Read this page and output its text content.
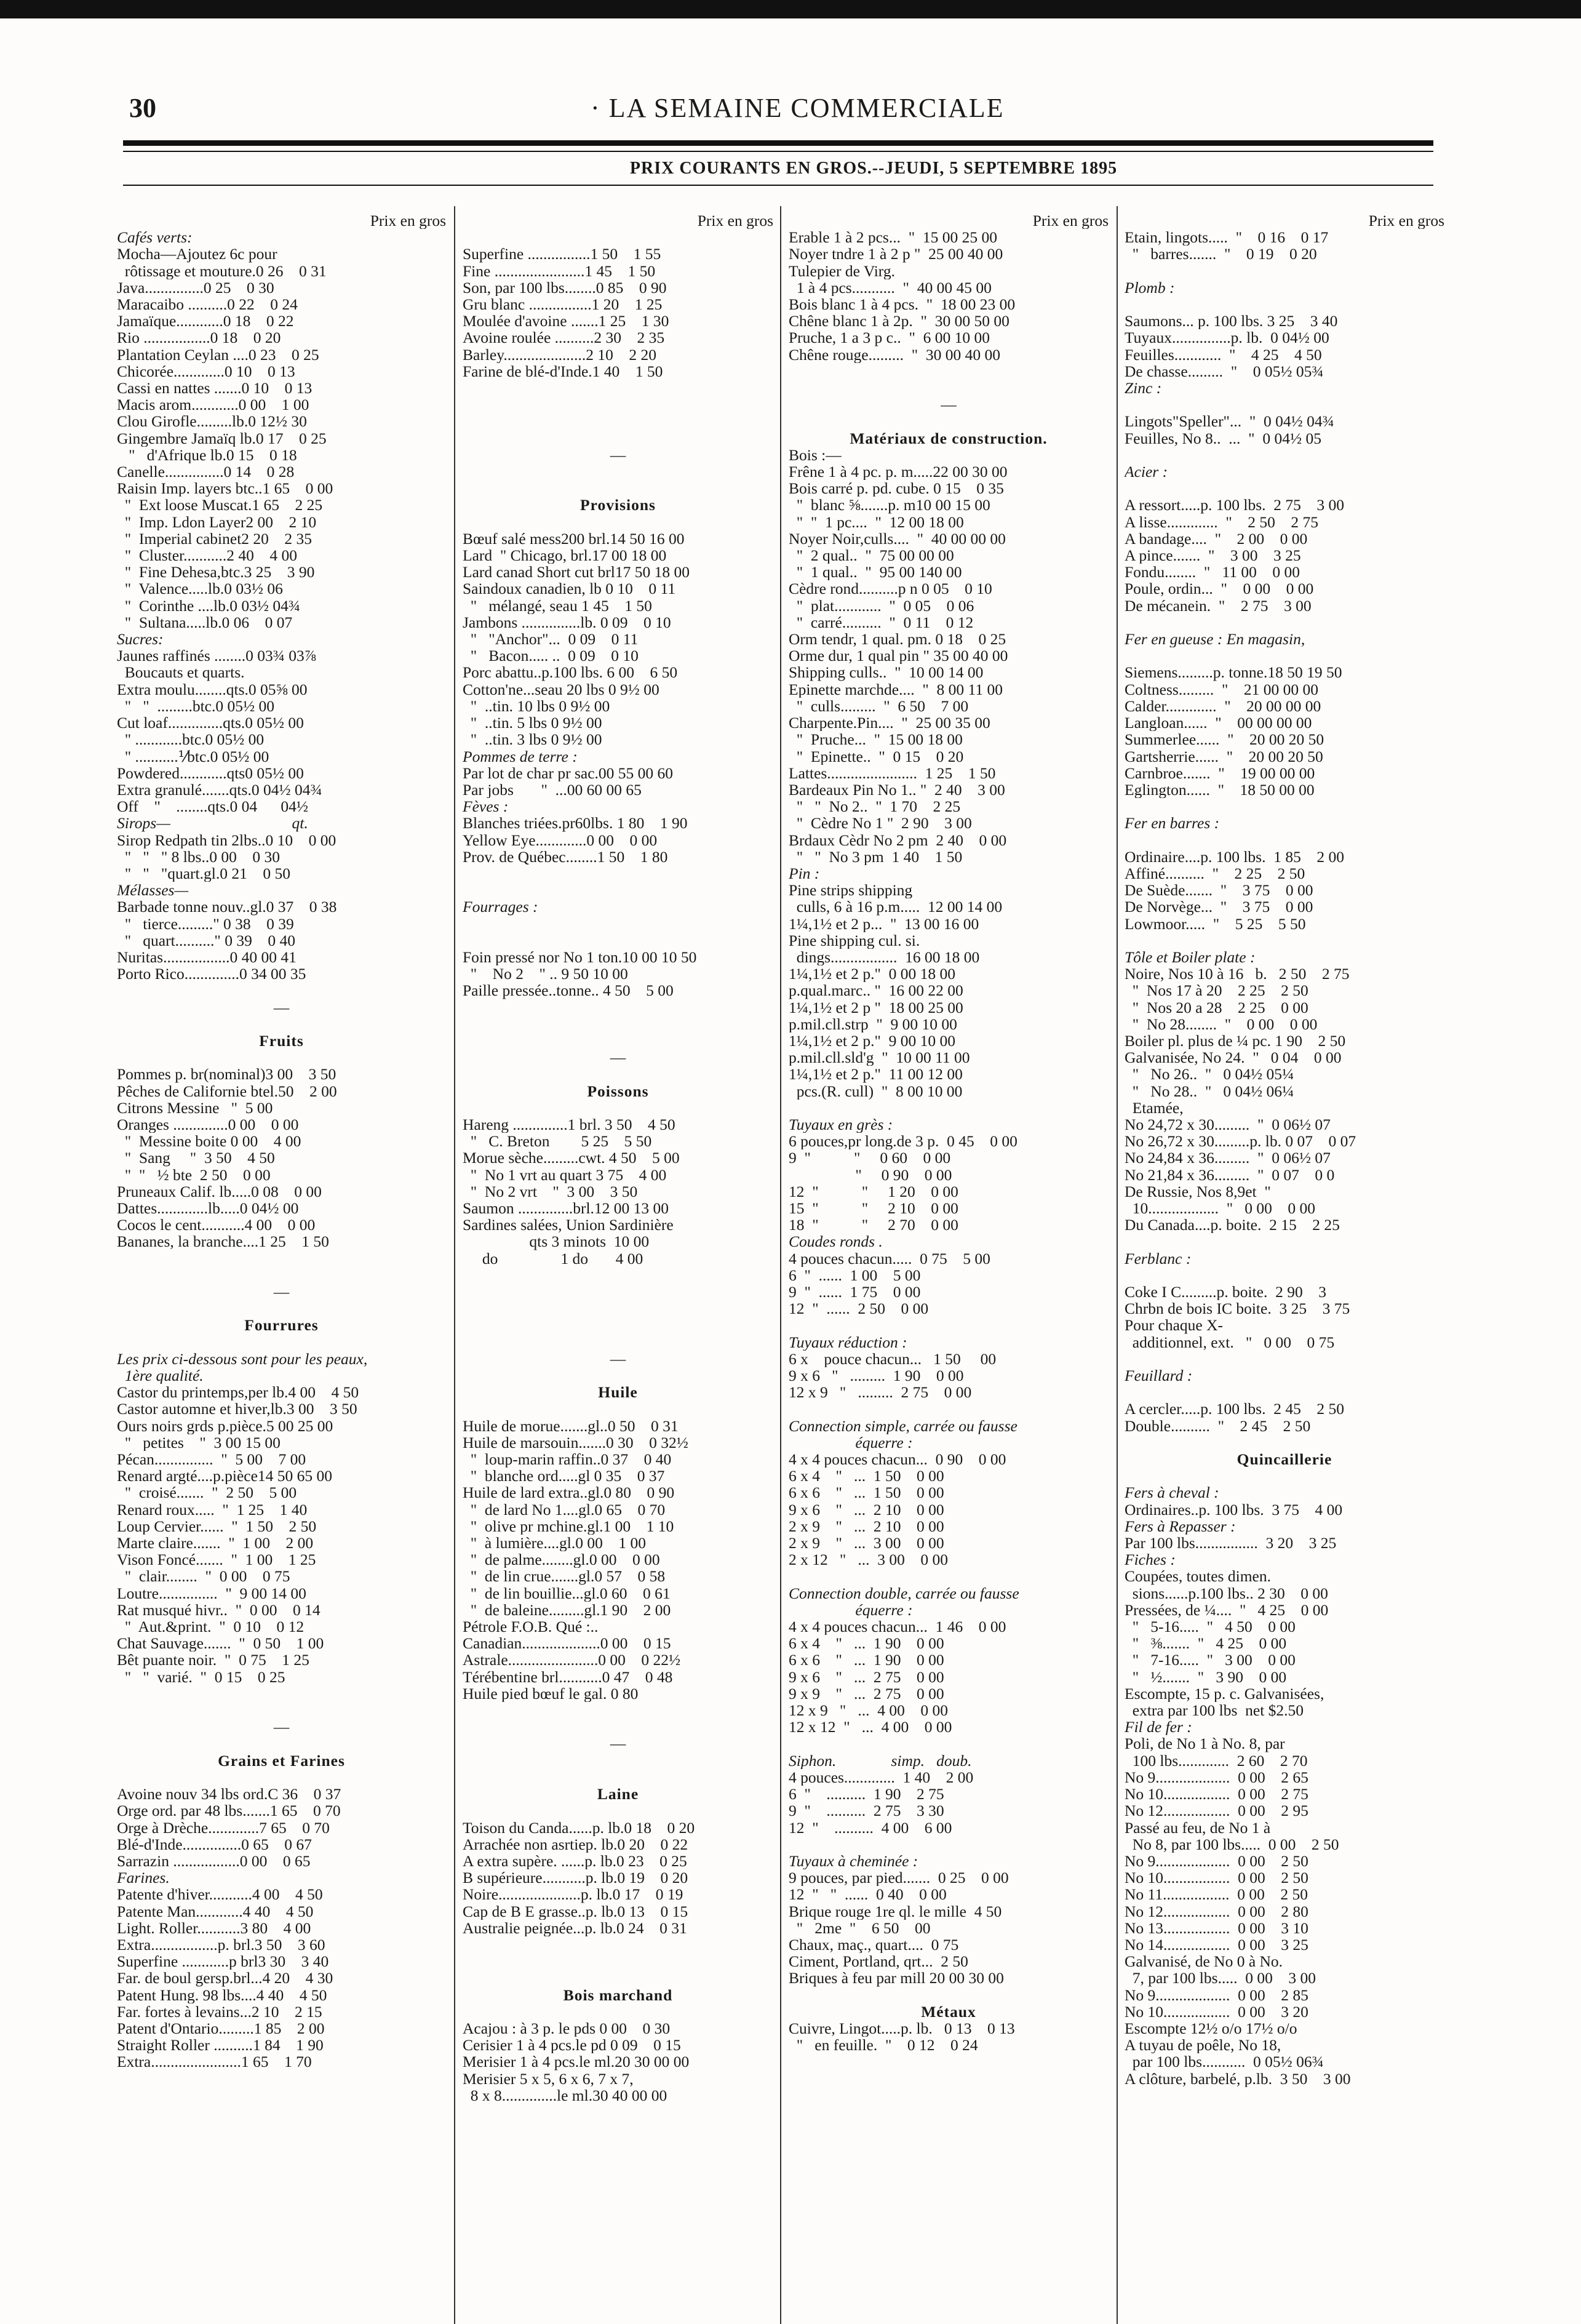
30	· LA SEMAINE COMMERCIALE
PRIX COURANTS EN GROS.--JEUDI, 5 SEPTEMBRE 1895
Prix en gros
Cafés verts:
Mocha—Ajoutez 6c pour
rôtissage et mouture.0 26    0 31
Java...............0 25    0 30
Maracaibo ..........0 22    0 24
Jamaïque............0 18    0 22
Rio .................0 18    0 20
Plantation Ceylan ....0 23    0 25
Chicorée.............0 10    0 13
Cassi en nattes .......0 10    0 13
Macis arom............0 00    1 00
Clou Girofle.........lb.0 12½ 30
Gingembre Jamaïq lb.0 17    0 25
"   d'Afrique lb.0 15    0 18
Canelle...............0 14    0 28
Raisin Imp. layers btc..1 65    0 00
"  Ext loose Muscat.1 65    2 25
"  Imp. Ldon Layer2 00    2 10
"  Imperial cabinet2 20    2 35
"  Cluster...........2 40    4 00
"  Fine Dehesa,btc.3 25    3 90
"  Valence.....lb.0 03½ 06
"  Corinthe ....lb.0 03½ 04¾
"  Sultana.....lb.0 06    0 07
Sucres:
Jaunes raffinés ........0 03¾ 03⅞
Boucauts et quarts.
Extra moulu........qts.0 05⅝ 00
"   "  .........btc.0 05½ 00
Cut loaf..............qts.0 05½ 00
" ............btc.0 05½ 00
" ...........⅟btc.0 05½ 00
Powdered............qts0 05½ 00
Extra granulé.......qts.0 04½ 04¾
Off    "    ........qts.0 04      04½
Sirops—                               qt.
Sirop Redpath tin 2lbs..0 10    0 00
"   "   " 8 lbs..0 00    0 30
"   "   "quart.gl.0 21    0 50
Mélasses—
Barbade tonne nouv..gl.0 37    0 38
"   tierce........." 0 38    0 39
"   quart.........." 0 39    0 40
Nuritas.................0 40 00 41
Porto Rico..............0 34 00 35

—

Fruits

Pommes p. br(nominal)3 00    3 50
Pêches de Californie btel.50    2 00
Citrons Messine   "  5 00
Oranges ..............0 00    0 00
"  Messine boite 0 00    4 00
"  Sang     "  3 50    4 50
"  "   ½ bte  2 50    0 00
Pruneaux Calif. lb.....0 08    0 00
Dattes.............lb.....0 04½ 00
Cocos le cent...........4 00    0 00
Bananes, la branche....1 25    1 50

—

Fourrures

Les prix ci-dessous sont pour les peaux,
1ère qualité.
Castor du printemps,per lb.4 00    4 50
Castor automne et hiver,lb.3 00    3 50
Ours noirs grds p.pièce.5 00 25 00
"   petites    "  3 00 15 00
Pécan...............  "  5 00    7 00
Renard argté....p.pièce14 50 65 00
"  croisé.......  "  2 50    5 00
Renard roux.....  "  1 25    1 40
Loup Cervier......  "  1 50    2 50
Marte claire.......  "  1 00    2 00
Vison Foncé.......  "  1 00    1 25
"  clair........  "  0 00    0 75
Loutre...............  "  9 00 14 00
Rat musqué hivr..  "  0 00    0 14
"  Aut.&print.  "  0 10    0 12
Chat Sauvage.......  "  0 50    1 00
Bêt puante noir.  "  0 75    1 25
"   "  varié.  "  0 15    0 25

—

Grains et Farines

Avoine nouv 34 lbs ord.C 36    0 37
Orge ord. par 48 lbs.......1 65    0 70
Orge à Drèche.............7 65    0 70
Blé-d'Inde...............0 65    0 67
Sarrazin .................0 00    0 65
Farines.
Patente d'hiver...........4 00    4 50
Patente Man............4 40    4 50
Light. Roller...........3 80    4 00
Extra.................p. brl.3 50    3 60
Superfine ............p brl3 30    3 40
Far. de boul gersp.brl...4 20    4 30
Patent Hung. 98 lbs....4 40    4 50
Far. fortes à levains...2 10    2 15
Patent d'Ontario.........1 85    2 00
Straight Roller ..........1 84    1 90
Extra.......................1 65    1 70
Prix en gros

Superfine ................1 50    1 55
Fine .......................1 45    1 50
Son, par 100 lbs........0 85    0 90
Gru blanc ................1 20    1 25
Moulée d'avoine .......1 25    1 30
Avoine roulée ..........2 30    2 35
Barley.....................2 10    2 20
Farine de blé-d'Inde.1 40    1 50

—

Provisions

Bœuf salé mess200 brl.14 50 16 00
Lard  " Chicago, brl.17 00 18 00
Lard canad Short cut brl17 50 18 00
Saindoux canadien, lb 0 10    0 11
"   mélangé, seau 1 45    1 50
Jambons ...............lb. 0 09    0 10
"   "Anchor"...  0 09    0 11
"   Bacon..... ..  0 09    0 10
Porc abattu..p.100 lbs. 6 00    6 50
Cotton'ne...seau 20 lbs 0 9½ 00
"  ..tin. 10 lbs 0 9½ 00
"  ..tin. 5 lbs 0 9½ 00
"  ..tin. 3 lbs 0 9½ 00
Pommes de terre :
Par lot de char pr sac.00 55 00 60
Par jobs       "  ...00 60 00 65
Fèves :
Blanches triées.pr60lbs. 1 80    1 90
Yellow Eye.............0 00    0 00
Prov. de Québec........1 50    1 80

Fourrages :

Foin pressé nor No 1 ton.10 00 10 50
"    No 2    " .. 9 50 10 00
Paille pressée..tonne.. 4 50    5 00

—

Poissons

Hareng ..............1 brl. 3 50    4 50
"   C. Breton        5 25    5 50
Morue sèche.........cwt. 4 50    5 00
"  No 1 vrt au quart 3 75    4 00
"  No 2 vrt    "  3 00    3 50
Saumon ..............brl.12 00 13 00
Sardines salées, Union Sardinière
qts 3 minots  10 00
do                1 do       4 00

—

Huile

Huile de morue.......gl..0 50    0 31
Huile de marsouin.......0 30    0 32½
"  loup-marin raffin..0 37    0 40
"  blanche ord.....gl 0 35    0 37
Huile de lard extra..gl.0 80    0 90
"  de lard No 1....gl.0 65    0 70
"  olive pr mchine.gl.1 00    1 10
"  à lumière....gl.0 00    1 00
"  de palme........gl.0 00    0 00
"  de lin crue.......gl.0 57    0 58
"  de lin bouillie...gl.0 60    0 61
"  de baleine.........gl.1 90    2 00
Pétrole F.O.B. Qué :..
Canadian....................0 00    0 15
Astrale.......................0 00    0 22½
Térébentine brl...........0 47    0 48
Huile pied bœuf le gal. 0 80

—

Laine

Toison du Canda......p. lb.0 18    0 20
Arrachée non asrtiep. lb.0 20    0 22
A extra supère. ......p. lb.0 23    0 25
B supérieure...........p. lb.0 19    0 20
Noire.....................p. lb.0 17    0 19
Cap de B E grasse..p. lb.0 13    0 15
Australie peignée...p. lb.0 24    0 31

Bois marchand

Acajou : à 3 p. le pds 0 00    0 30
Cerisier 1 à 4 pcs.le pd 0 09    0 15
Merisier 1 à 4 pcs.le ml.20 30 00 00
Merisier 5 x 5, 6 x 6, 7 x 7,
8 x 8..............le ml.30 40 00 00
Prix en gros
Erable 1 à 2 pcs...  "  15 00 25 00
Noyer tndre 1 à 2 p "  25 00 40 00
Tulepier de Virg.
1 à 4 pcs...........  "  40 00 45 00
Bois blanc 1 à 4 pcs.  "  18 00 23 00
Chêne blanc 1 à 2p.  "  30 00 50 00
Pruche, 1 a 3 p c..  "  6 00 10 00
Chêne rouge.........  "  30 00 40 00

—

Matériaux de construction.
Bois :—
Frêne 1 à 4 pc. p. m.....22 00 30 00
Bois carré p. pd. cube. 0 15    0 35
"  blanc ⅝.......p. m10 00 15 00
"  "  1 pc....  "  12 00 18 00
Noyer Noir,culls....  "  40 00 00 00
"  2 qual..  "  75 00 00 00
"  1 qual..  "  95 00 140 00
Cèdre rond..........p n 0 05    0 10
"  plat............  "  0 05    0 06
"  carré..........  "  0 11    0 12
Orm tendr, 1 qual. pm. 0 18    0 25
Orme dur, 1 qual pin " 35 00 40 00
Shipping culls..  "  10 00 14 00
Epinette marchde....  "  8 00 11 00
"  culls.........  "  6 50    7 00
Charpente.Pin....  "  25 00 35 00
"  Pruche...  "  15 00 18 00
"  Epinette..  "  0 15    0 20
Lattes.......................  1 25    1 50
Bardeaux Pin No 1.. "  2 40    3 00
"   "  No 2..  "  1 70    2 25
"  Cèdre No 1 "  2 90    3 00
Brdaux Cèdr No 2 pm  2 40    0 00
"   "  No 3 pm  1 40    1 50
Pin :
Pine strips shipping
culls, 6 à 16 p.m.....  12 00 14 00
1¼,1½ et 2 p...  "  13 00 16 00
Pine shipping cul. si.
dings.................  16 00 18 00
1¼,1½ et 2 p."  0 00 18 00
p.qual.marc.. "  16 00 22 00
1¼,1½ et 2 p "  18 00 25 00
p.mil.cll.strp  "  9 00 10 00
1¼,1½ et 2 p."  9 00 10 00
p.mil.cll.sld'g  "  10 00 11 00
1¼,1½ et 2 p."  11 00 12 00
pcs.(R. cull)  "  8 00 10 00

Tuyaux en grès :
6 pouces,pr long.de 3 p.  0 45    0 00
9  "           "     0 60    0 00
"     0 90    0 00
12  "           "     1 20    0 00
15  "           "     2 10    0 00
18  "           "     2 70    0 00
Coudes ronds .
4 pouces chacun.....  0 75    5 00
6  "  ......  1 00    5 00
9  "  ......  1 75    0 00
12  "  ......  2 50    0 00

Tuyaux réduction :
6 x    pouce chacun...   1 50     00
9 x 6   "   .........  1 90    0 00
12 x 9   "   .........  2 75    0 00

Connection simple, carrée ou fausse
équerre :
4 x 4 pouces chacun...  0 90    0 00
6 x 4    "   ...  1 50    0 00
6 x 6    "   ...  1 50    0 00
9 x 6    "   ...  2 10    0 00
2 x 9    "   ...  2 10    0 00
2 x 9    "   ...  3 00    0 00
2 x 12   "   ...  3 00    0 00

Connection double, carrée ou fausse
équerre :
4 x 4 pouces chacun...  1 46    0 00
6 x 4    "   ...  1 90    0 00
6 x 6    "   ...  1 90    0 00
9 x 6    "   ...  2 75    0 00
9 x 9    "   ...  2 75    0 00
12 x 9   "   ...  4 00    0 00
12 x 12  "   ...  4 00    0 00

Siphon.              simp.   doub.
4 pouces.............  1 40    2 00
6  "    ..........  1 90    2 75
9  "    ..........  2 75    3 30
12  "    ..........  4 00    6 00

Tuyaux à cheminée :
9 pouces, par pied.......  0 25    0 00
12  "   "  ......  0 40    0 00
Brique rouge 1re ql. le mille  4 50
"   2me  "    6 50    00
Chaux, maç., quart....  0 75
Ciment, Portland, qrt...  2 50
Briques à feu par mill 20 00 30 00

Métaux
Cuivre, Lingot.....p. lb.   0 13    0 13
"   en feuille.  "    0 12    0 24
Prix en gros
Etain, lingots.....  "    0 16    0 17
"   barres.......  "    0 19    0 20

Plomb :

Saumons... p. 100 lbs. 3 25    3 40
Tuyaux...............p. lb.  0 04½ 00
Feuilles............  "    4 25    4 50
De chasse.........  "    0 05½ 05¾
Zinc :

Lingots"Speller"...  "  0 04½ 04¾
Feuilles, No 8..  ...  "  0 04½ 05

Acier :

A ressort.....p. 100 lbs.  2 75    3 00
A lisse.............  "    2 50    2 75
A bandage....  "    2 00    0 00
A pince.......  "    3 00    3 25
Fondu........  "   11 00    0 00
Poule, ordin...  "    0 00    0 00
De mécanein.  "    2 75    3 00

Fer en gueuse : En magasin,

Siemens.........p. tonne.18 50 19 50
Coltness.........  "    21 00 00 00
Calder.............  "    20 00 00 00
Langloan......  "    00 00 00 00
Summerlee......  "    20 00 20 50
Gartsherrie......  "    20 00 20 50
Carnbroe.......  "    19 00 00 00
Eglington......  "    18 50 00 00

Fer en barres :

Ordinaire....p. 100 lbs.  1 85    2 00
Affiné..........  "    2 25    2 50
De Suède.......  "    3 75    0 00
De Norvège...  "    3 75    0 00
Lowmoor.....  "    5 25    5 50

Tôle et Boiler plate :
Noire, Nos 10 à 16   b.   2 50    2 75
"  Nos 17 à 20    2 25    2 50
"  Nos 20 a 28    2 25    0 00
"  No 28........  "    0 00    0 00
Boiler pl. plus de ¼ pc. 1 90    2 50
Galvanisée, No 24.  "   0 04    0 00
"   No 26..  "   0 04½ 05¼
"   No 28..  "   0 04½ 06¼
Etamée,
No 24,72 x 30.........  "  0 06½ 07
No 26,72 x 30.........p. lb. 0 07    0 07
No 24,84 x 36.........  "  0 06½ 07
No 21,84 x 36.........  "  0 07    0 0
De Russie, Nos 8,9et  "
10..................  "   0 00    0 00
Du Canada....p. boite.  2 15    2 25

Ferblanc :

Coke I C.........p. boite.  2 90    3
Chrbn de bois IC boite.  3 25    3 75
Pour chaque X-
additionnel, ext.   "   0 00    0 75

Feuillard :

A cercler.....p. 100 lbs.  2 45    2 50
Double..........  "    2 45    2 50

Quincaillerie

Fers à cheval :
Ordinaires..p. 100 lbs.  3 75    4 00
Fers à Repasser :
Par 100 lbs................  3 20    3 25
Fiches :
Coupées, toutes dimen.
sions......p.100 lbs.. 2 30    0 00
Pressées, de ¼....  "   4 25    0 00
"   5-16.....  "   4 50    0 00
"   ⅜.......  "   4 25    0 00
"   7-16.....  "   3 00    0 00
"   ½.......  "   3 90    0 00
Escompte, 15 p. c. Galvanisées,
extra par 100 lbs  net $2.50
Fil de fer :
Poli, de No 1 à No. 8, par
100 lbs.............  2 60    2 70
No 9...................  0 00    2 65
No 10.................  0 00    2 75
No 12.................  0 00    2 95
Passé au feu, de No 1 à
No 8, par 100 lbs.....  0 00    2 50
No 9...................  0 00    2 50
No 10.................  0 00    2 50
No 11.................  0 00    2 50
No 12.................  0 00    2 80
No 13.................  0 00    3 10
No 14.................  0 00    3 25
Galvanisé, de No 0 à No.
7, par 100 lbs.....  0 00    3 00
No 9...................  0 00    2 85
No 10.................  0 00    3 20
Escompte 12½ o/o 17½ o/o
A tuyau de poêle, No 18,
par 100 lbs...........  0 05½ 06¾
A clôture, barbelé, p.lb.  3 50    3 00
